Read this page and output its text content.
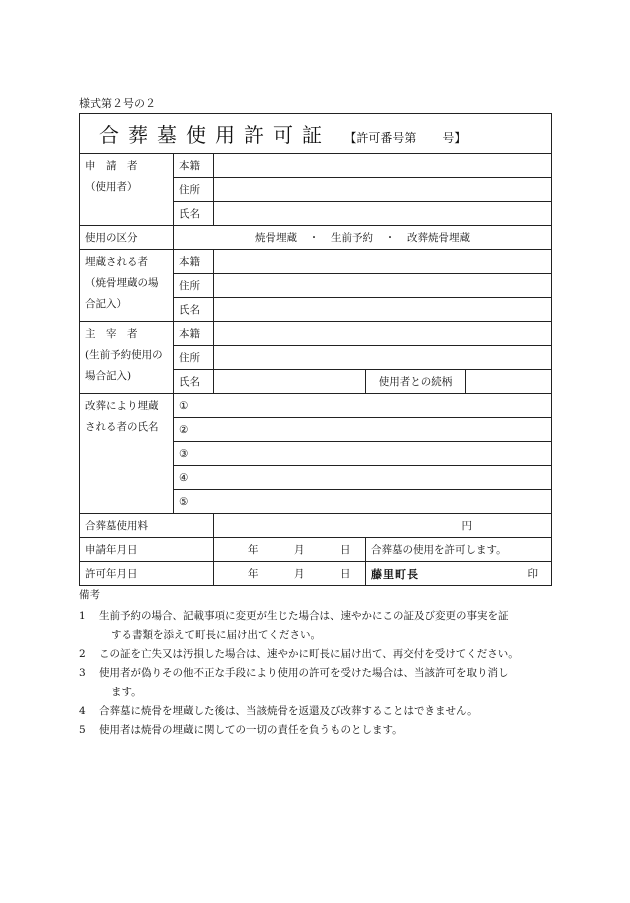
様式第２号の２
合葬墓使用許可証 【許可番号第 号】				

申　請　者
（使用者）	本籍			
	住所			
	氏名			
使用の区分	焼骨埋蔵 ・ 生前予約 ・ 改葬焼骨埋蔵			

埋蔵される者
（焼骨埋蔵の場合記入）	本籍			
	住所			
	氏名			

主　宰　者
(生前予約使用の場合記入)	本籍			
	住所			
	氏名		使用者との続柄	
改葬により埋蔵される者の氏名	①			
	②			
	③			
	④			
	⑤			
合葬墓使用料		円		

申請年月日		年 月 日	合葬墓の使用を許可します。	
許可年月日		年 月 日	藤里町長 印	
備考
1	生前予約の場合、記載事項に変更が生じた場合は、速やかにこの証及び変更の事実を証
する書類を添えて町長に届け出てください。
2	この証を亡失又は汚損した場合は、速やかに町長に届け出て、再交付を受けてください。
3	使用者が偽りその他不正な手段により使用の許可を受けた場合は、当該許可を取り消し
ます。
4	合葬墓に焼骨を埋蔵した後は、当該焼骨を返還及び改葬することはできません。
5	使用者は焼骨の埋蔵に関しての一切の責任を負うものとします。
